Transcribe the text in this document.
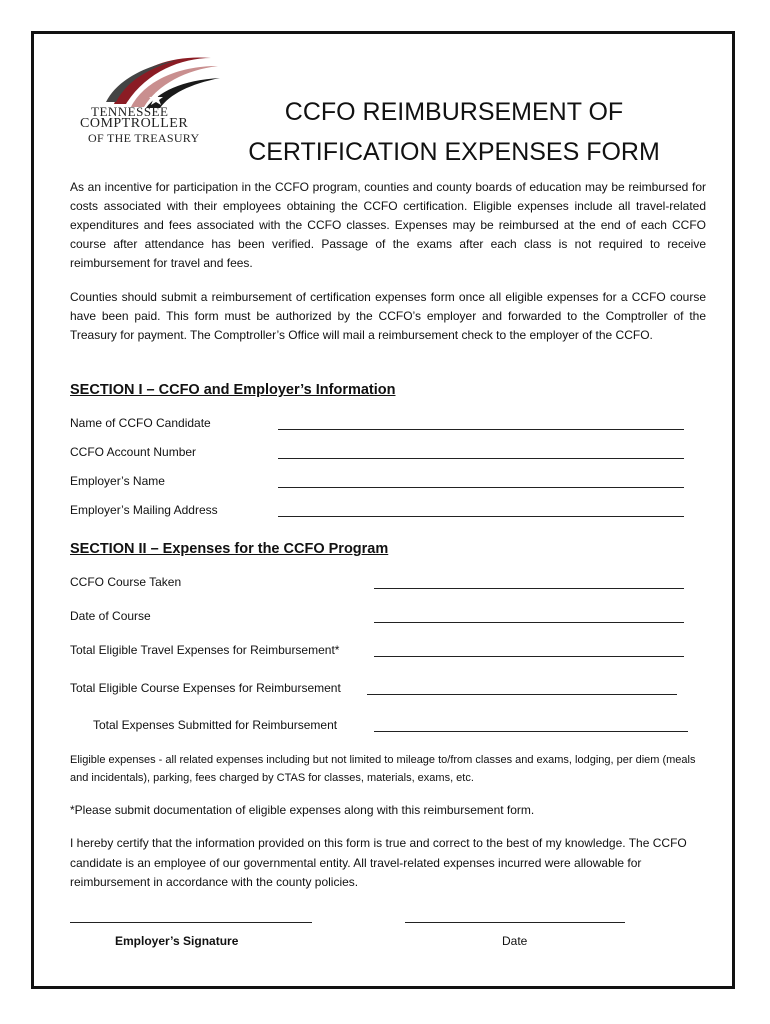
TENNESSEE
COMPTROLLER
OF THE TREASURY
CCFO REIMBURSEMENT OF
CERTIFICATION EXPENSES FORM

As an incentive for participation in the CCFO program, counties and county boards of education may be reimbursed for costs associated with their employees obtaining the CCFO certification. Eligible expenses include all travel-related expenditures and fees associated with the CCFO classes. Expenses may be reimbursed at the end of each CCFO course after attendance has been verified. Passage of the exams after each class is not required to receive reimbursement for travel and fees.

Counties should submit a reimbursement of certification expenses form once all eligible expenses for a CCFO course have been paid. This form must be authorized by the CCFO’s employer and forwarded to the Comptroller of the Treasury for payment. The Comptroller’s Office will mail a reimbursement check to the employer of the CCFO.

SECTION I – CCFO and Employer’s Information
Name of CCFO Candidate
CCFO Account Number
Employer’s Name
Employer’s Mailing Address
SECTION II – Expenses for the CCFO Program
CCFO Course Taken
Date of Course
Total Eligible Travel Expenses for Reimbursement*
Total Eligible Course Expenses for Reimbursement
Total Expenses Submitted for Reimbursement

Eligible expenses - all related expenses including but not limited to mileage to/from classes and exams, lodging, per diem (meals and incidentals), parking, fees charged by CTAS for classes, materials, exams, etc.

*Please submit documentation of eligible expenses along with this reimbursement form.

I hereby certify that the information provided on this form is true and correct to the best of my knowledge. The CCFO candidate is an employee of our governmental entity. All travel-related expenses incurred were allowable for reimbursement in accordance with the county policies.

Employer’s Signature	Date
